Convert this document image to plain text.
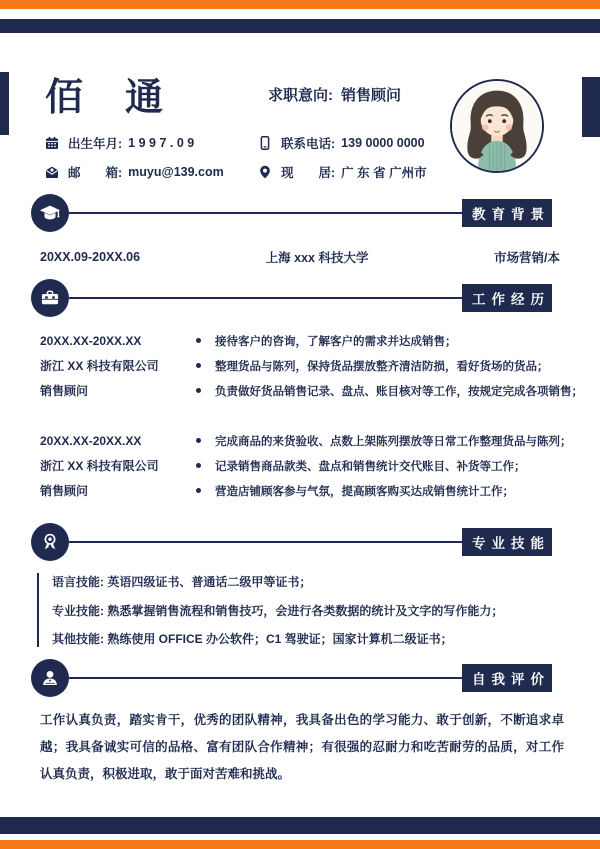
佰　通	求职意向: 销售顾问
出生年月: 1 9 9 7 . 0 9	联系电话: 139 0000 0000
邮　　箱: muyu@139.com	现　　居: 广 东 省 广州市
教育背景
20XX.09-20XX.06	上海 xxx 科技大学	市场营销/本
工作经历
20XX.XX-20XX.XX	接待客户的咨询，了解客户的需求并达成销售；
浙江 XX 科技有限公司	整理货品与陈列，保持货品摆放整齐清洁防损，看好货场的货品；
销售顾问	负责做好货品销售记录、盘点、账目核对等工作，按规定完成各项销售；
20XX.XX-20XX.XX	完成商品的来货验收、点数上架陈列摆放等日常工作整理货品与陈列；
浙江 XX 科技有限公司	记录销售商品款类、盘点和销售统计交代账目、补货等工作；
销售顾问	营造店铺顾客参与气氛，提高顾客购买达成销售统计工作；
专业技能
语言技能: 英语四级证书、普通话二级甲等证书；
专业技能: 熟悉掌握销售流程和销售技巧，会进行各类数据的统计及文字的写作能力；
其他技能: 熟练使用 OFFICE 办公软件；C1 驾驶证；国家计算机二级证书；
自我评价
工作认真负责，踏实肯干，优秀的团队精神，我具备出色的学习能力、敢于创新，不断追求卓越；我具备诚实可信的品格、富有团队合作精神；有很强的忍耐力和吃苦耐劳的品质，对工作认真负责，积极进取，敢于面对苦难和挑战。
